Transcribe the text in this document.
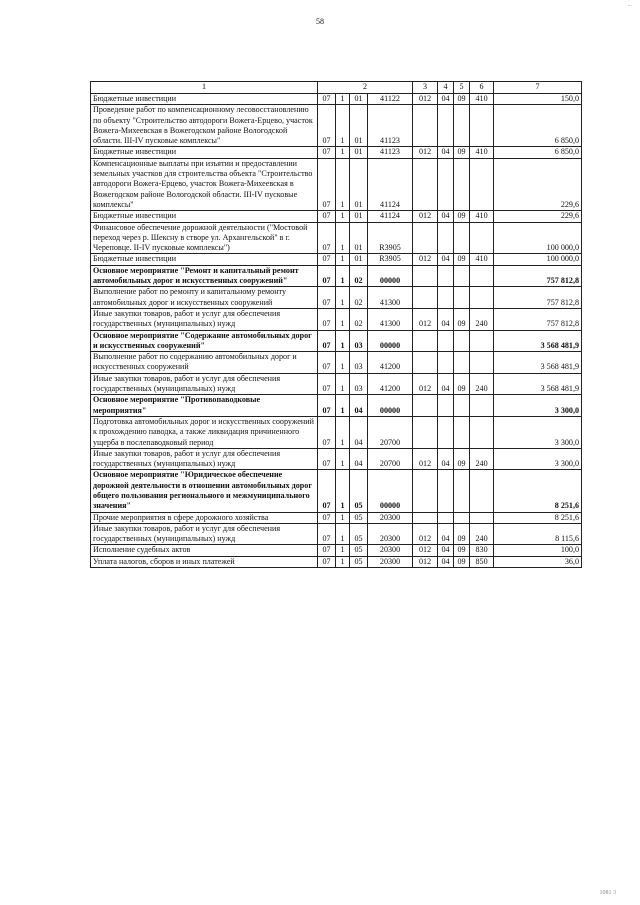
...
58
1	2				3	4	5	6	7
Бюджетные инвестиции	07	1	01	41122	012	04	09	410	150,0
Проведение работ по компенсационному лесовосстановлению по объекту "Строительство автодороги Вожега-Ерцево, участок Вожега-Михеевская в Вожегодском районе Вологодской области. III-IV пусковые комплексы"	07	1	01	41123					6 850,0
Бюджетные инвестиции	07	1	01	41123	012	04	09	410	6 850,0
Компенсационные выплаты при изъятии и предоставлении земельных участков для строительства объекта "Строительство автодороги Вожега-Ерцево, участок Вожега-Михеевская в Вожегодском районе Вологодской области. III-IV пусковые комплексы"	07	1	01	41124					229,6
Бюджетные инвестиции	07	1	01	41124	012	04	09	410	229,6
Финансовое обеспечение дорожной деятельности ("Мостовой переход через р. Шексну в створе ул. Архангельской" в г. Череповце. II-IV пусковые комплексы")	07	1	01	R3905					100 000,0
Бюджетные инвестиции	07	1	01	R3905	012	04	09	410	100 000,0
Основное мероприятие "Ремонт и капитальный ремонт автомобильных дорог и искусственных сооружений"	07	1	02	00000					757 812,8
Выполнение работ по ремонту и капитальному ремонту автомобильных дорог и искусственных сооружений	07	1	02	41300					757 812,8
Иные закупки товаров, работ и услуг для обеспечения государственных (муниципальных) нужд	07	1	02	41300	012	04	09	240	757 812,8
Основное мероприятие "Содержание автомобильных дорог и искусственных сооружений"	07	1	03	00000					3 568 481,9
Выполнение работ по содержанию автомобильных дорог и искусственных сооружений	07	1	03	41200					3 568 481,9
Иные закупки товаров, работ и услуг для обеспечения государственных (муниципальных) нужд	07	1	03	41200	012	04	09	240	3 568 481,9
Основное мероприятие "Противопаводковые мероприятия"	07	1	04	00000					3 300,0
Подготовка автомобильных дорог и искусственных сооружений к прохождению паводка, а также ликвидация причиненного ущерба в послепаводковый период	07	1	04	20700					3 300,0
Иные закупки товаров, работ и услуг для обеспечения государственных (муниципальных) нужд	07	1	04	20700	012	04	09	240	3 300,0
Основное мероприятие "Юридическое обеспечение дорожной деятельности в отношении автомобильных дорог общего пользования регионального и межмуниципального значения"	07	1	05	00000					8 251,6
Прочие мероприятия в сфере дорожного хозяйства	07	1	05	20300					8 251,6
Иные закупки товаров, работ и услуг для обеспечения государственных (муниципальных) нужд	07	1	05	20300	012	04	09	240	8 115,6
Исполнение судебных актов	07	1	05	20300	012	04	09	830	100,0
Уплата налогов, сборов и иных платежей	07	1	05	20300	012	04	09	850	36,0
1081 3
